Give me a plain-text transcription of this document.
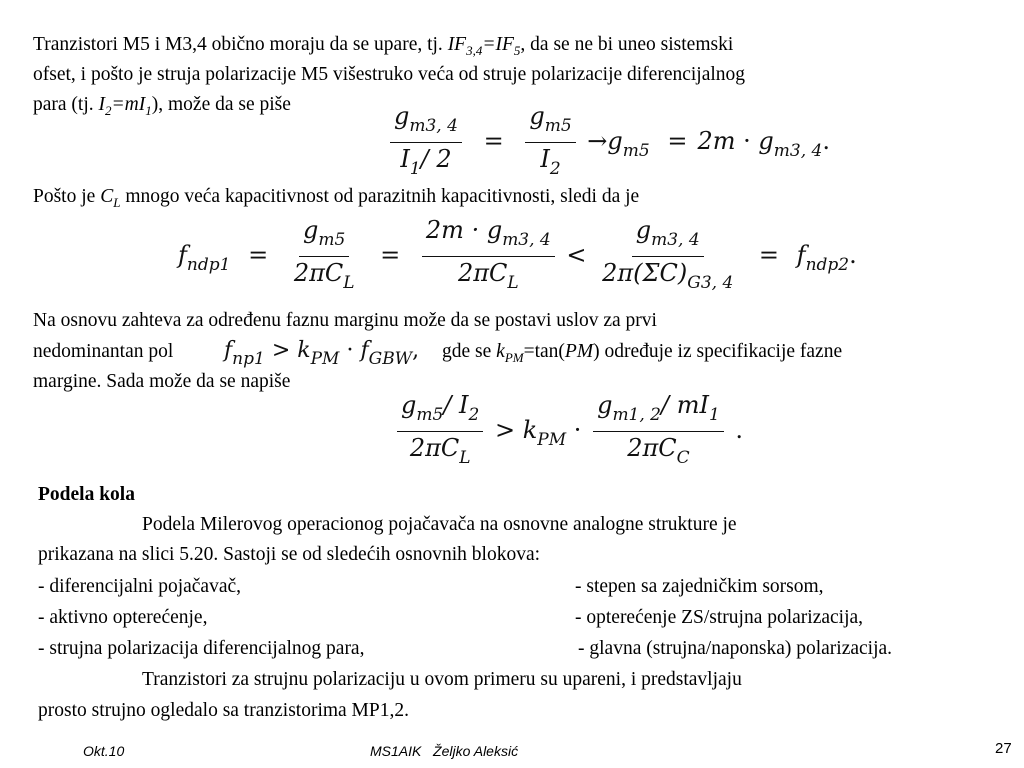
Tranzistori M5 i M3,4 obično moraju da se upare, tj. $IF_{3,4}=IF_5$, da se ne bi uneo sistemski
ofset, i pošto je struja polarizacije M5 višestruko veća od struje polarizacije diferencijalnog
para (tj. $I_2=mI_1$), može da se piše	$\frac{g_{m3, 4}}{I_1/ 2} = \frac{g_{m5}}{I_2} \to g_{m5} = 2m \cdot g_{m3, 4}$.
Pošto je $C_L$ mnogo veća kapacitivnost od parazitnih kapacitivnosti, sledi da je
$f_{ndp1}$ =
$g_{m5}$
$2\pi C_L$
=
$2m \cdot g_{m3, 4}$
$2\pi C_L$
< $\frac{g_{m3, 4}}{2\pi(\Sigma C)_{G3, 4}} = f_{ndp2}$.
Na osnovu zahteva za određenu faznu marginu može da se postavi uslov za prvi
nedominantan pol $f_{np1} > k_{PM} \cdot f_{GBW}$, gde se $k_{PM}=\tan(PM)$ određuje iz specifikacije fazne
margine. Sada može da se napiše
$g_{m5}/$ $I_2$
$2\pi C_L$
> $k_{PM}$ ·
$g_{m1, 2}/$ $mI_1$
$2\pi C_C$
.
Podela kola
Podela Milerovog operacionog pojačavača na osnovne analogne strukture je
prikazana na slici 5.20. Sastoji se od sledećih osnovnih blokova:
- diferencijalni pojačavač,	- stepen sa zajedničkim sorsom,
- aktivno opterećenje,	- opterećenje ZS/strujna polarizacija,
- strujna polarizacija diferencijalnog para,	- glavna (strujna/naponska) polarizacija.
Tranzistori za strujnu polarizaciju u ovom primeru su upareni, i predstavljaju
prosto strujno ogledalo sa tranzistorima MP1,2.
Okt.10	MS1AIK   Željko Aleksić	27
